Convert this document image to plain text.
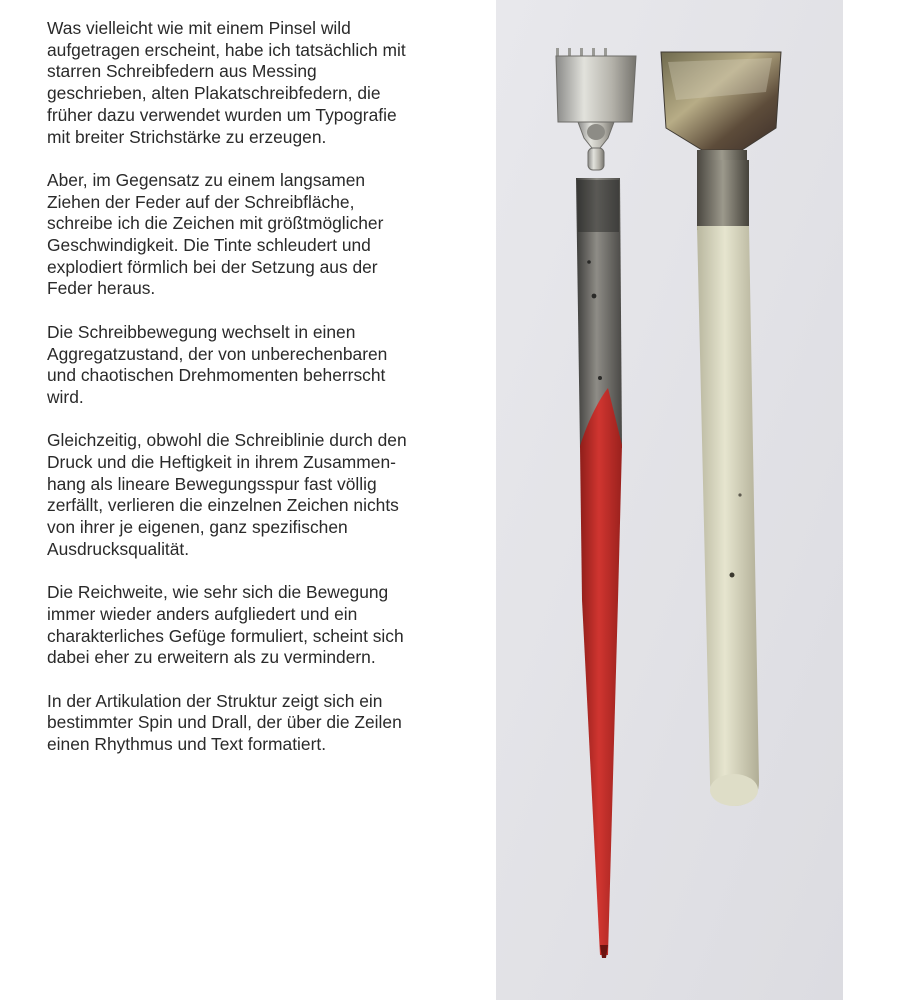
Was vielleicht wie mit einem Pinsel wild
aufgetragen erscheint, habe ich tatsächlich mit
starren Schreibfedern aus Messing
geschrieben, alten Plakatschreibfedern, die
früher dazu verwendet wurden um Typografie
mit breiter Strichstärke zu erzeugen.

Aber, im Gegensatz zu einem langsamen
Ziehen der Feder auf der Schreibfläche,
schreibe ich die Zeichen mit größtmöglicher
Geschwindigkeit. Die Tinte schleudert und
explodiert förmlich bei der Setzung aus der
Feder heraus.

Die Schreibbewegung wechselt in einen
Aggregatzustand, der von unberechenbaren
und chaotischen Drehmomenten beherrscht
wird.

Gleichzeitig, obwohl die Schreiblinie durch den
Druck und die Heftigkeit in ihrem Zusammen-
hang als lineare Bewegungsspur fast völlig
zerfällt, verlieren die einzelnen Zeichen nichts
von ihrer je eigenen, ganz spezifischen
Ausdrucksqualität.

Die Reichweite, wie sehr sich die Bewegung
immer wieder anders aufgliedert und ein
charakterliches Gefüge formuliert, scheint sich
dabei eher zu erweitern als zu vermindern.

In der Artikulation der Struktur zeigt sich ein
bestimmter Spin und Drall, der über die Zeilen
einen Rhythmus und Text formatiert.
